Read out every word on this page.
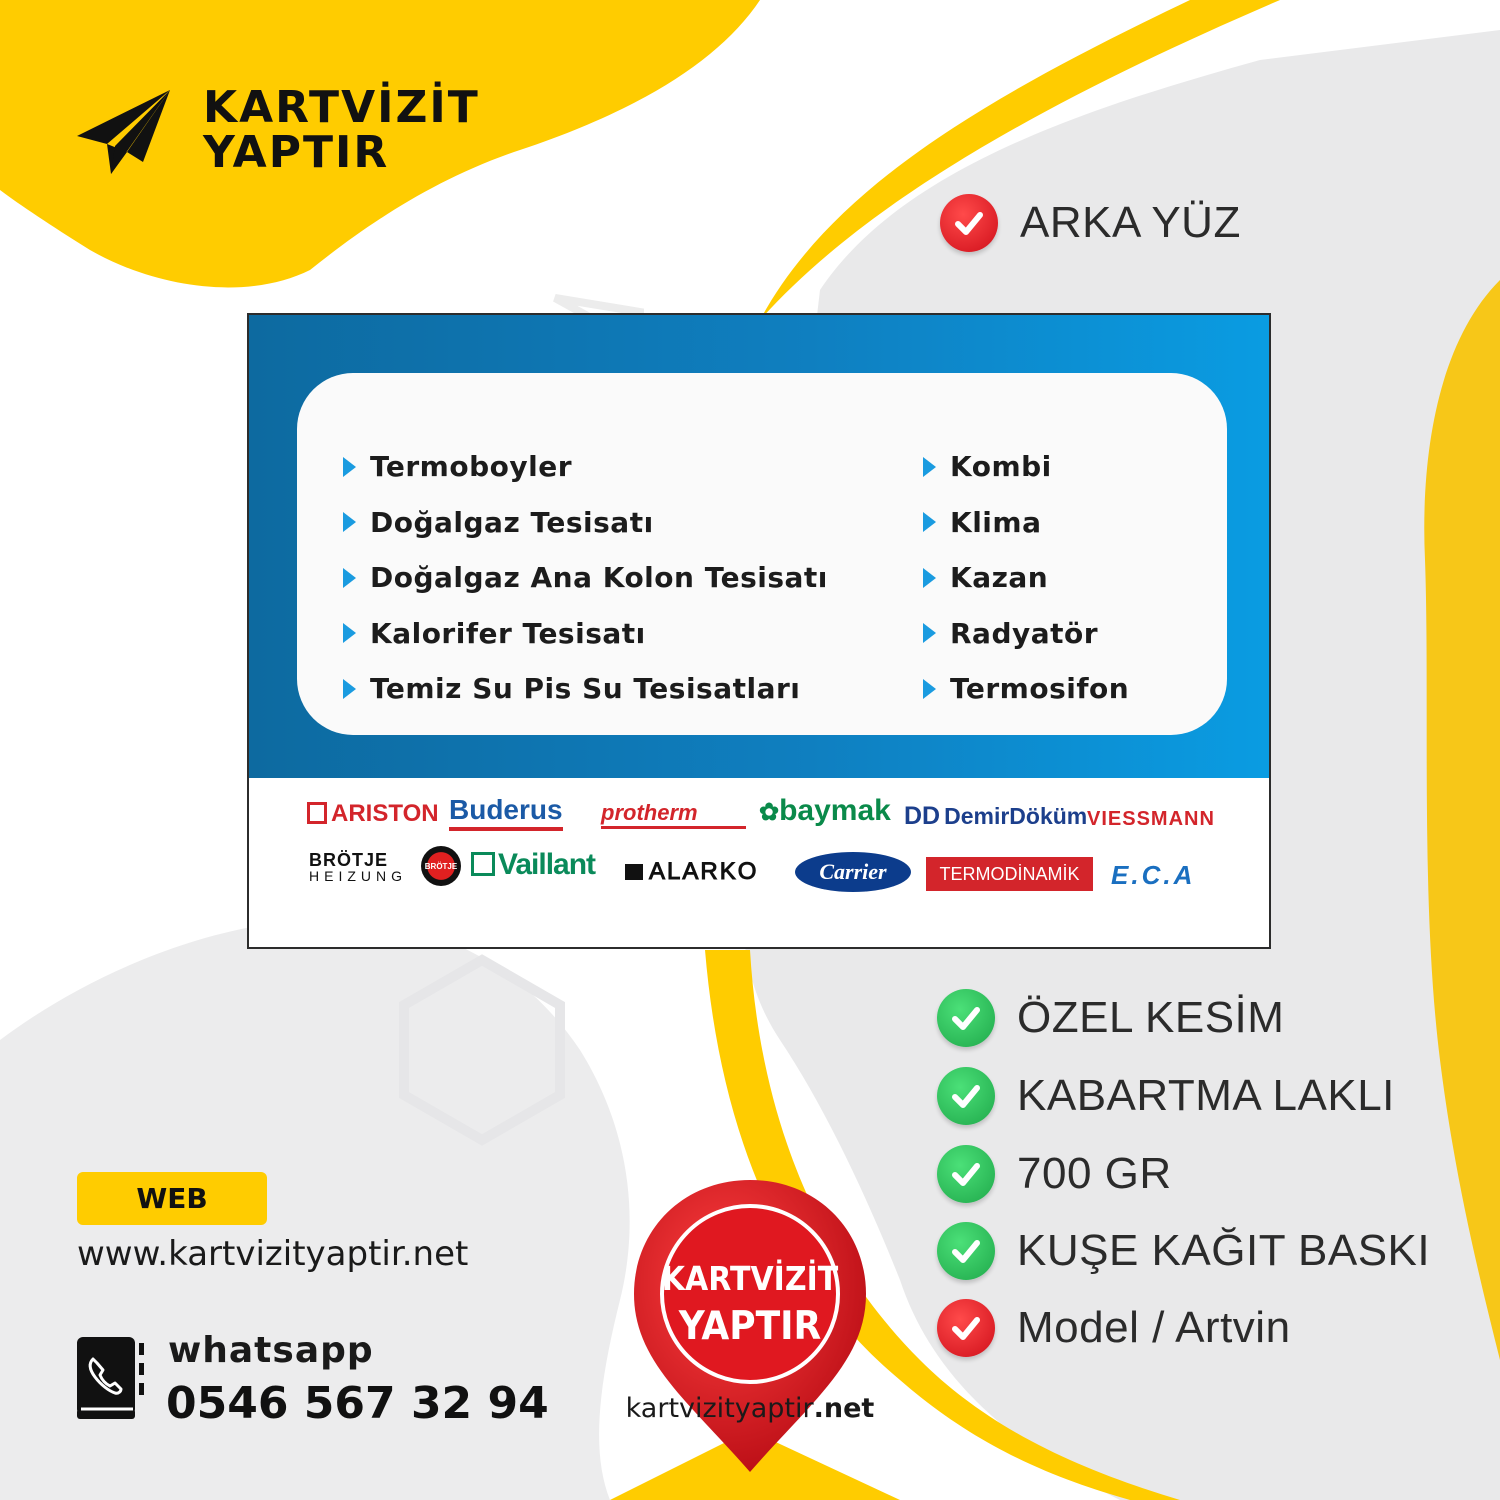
KARTVİZİT
YAPTIR
ARKA YÜZ
Termoboyler
Doğalgaz Tesisatı
Doğalgaz Ana Kolon Tesisatı
Kalorifer Tesisatı
Temiz Su Pis Su Tesisatları
Kombi
Klima
Kazan
Radyatör
Termosifon
ARISTON Buderus protherm	✿baymak DD DemirDöküm VIESSMANN
BRÖTJE
HEIZUNG
BRÖTJE	Vaillant	ALARKO	Carrier	TERMODİNAMİK	E.C.A
ÖZEL KESİM
KABARTMA LAKLI
700 GR
KUŞE KAĞIT BASKI
Model / Artvin
WEB
www.kartvizityaptir.net
whatsapp
0546 567 32 94
KARTVİZİT
YAPTIR
kartvizityaptir.net
